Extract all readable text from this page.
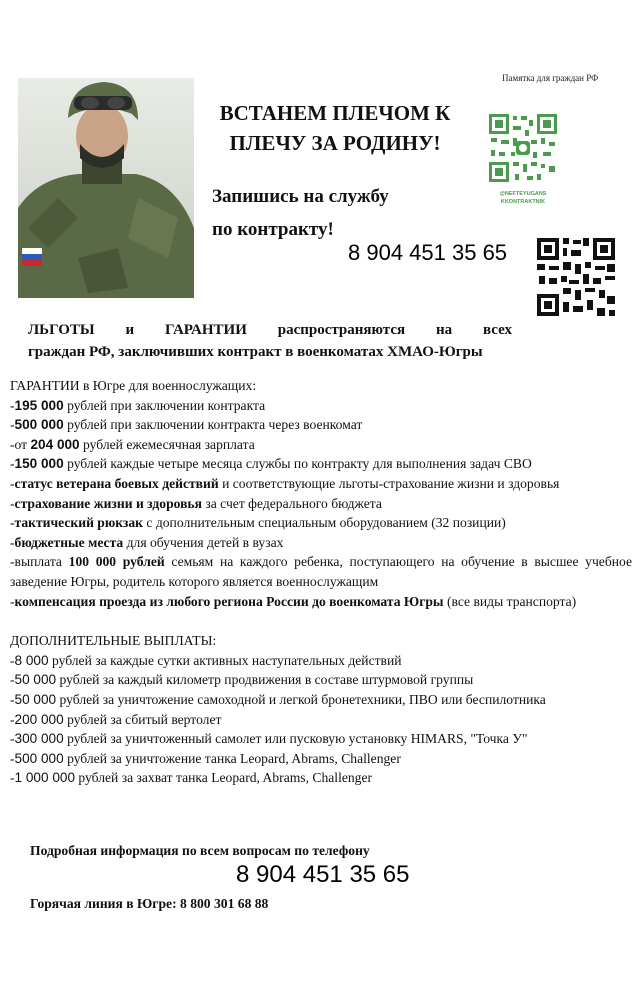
Памятка для граждан РФ
ВСТАНЕМ ПЛЕЧОМ К
ПЛЕЧУ ЗА РОДИНУ!
Запишись на службу
по контракту!
8 904 451 35 65
@NEFTEYUGANS
KKONTRAKTNIK
ЛЬГОТЫ и ГАРАНТИИ распространяются на всех
граждан РФ, заключивших контракт в военкоматах ХМАО-Югры

ГАРАНТИИ в Югре для военнослужащих:

-195 000 рублей при заключении контракта

-500 000 рублей при заключении контракта через военкомат

-от 204 000 рублей ежемесячная зарплата

-150 000 рублей каждые четыре месяца службы по контракту для выполнения задач СВО

-статус ветерана боевых действий и соответствующие льготы-страхование жизни и здоровья

-страхование жизни и здоровья за счет федерального бюджета

-тактический рюкзак с дополнительным специальным оборудованием (32 позиции)

-бюджетные места для обучения детей в вузах

-выплата 100 000 рублей семьям на каждого ребенка, поступающего на обучение в высшее учебное заведение Югры, родитель которого является военнослужащим

-компенсация проезда из любого региона России до военкомата Югры (все виды транспорта)

ДОПОЛНИТЕЛЬНЫЕ ВЫПЛАТЫ:

-8 000 рублей за каждые сутки активных наступательных действий

-50 000 рублей за каждый километр продвижения в составе штурмовой группы

-50 000 рублей за уничтожение самоходной и легкой бронетехники, ПВО или беспилотника

-200 000 рублей за сбитый вертолет

-300 000 рублей за уничтоженный самолет или пусковую установку HIMARS, "Точка У"

-500 000 рублей за уничтожение танка Leopard, Abrams, Challenger

-1 000 000 рублей за захват танка Leopard, Abrams, Challenger

Подробная информация по всем вопросам по телефону
8 904 451 35 65
Горячая линия в Югре: 8 800 301 68 88
